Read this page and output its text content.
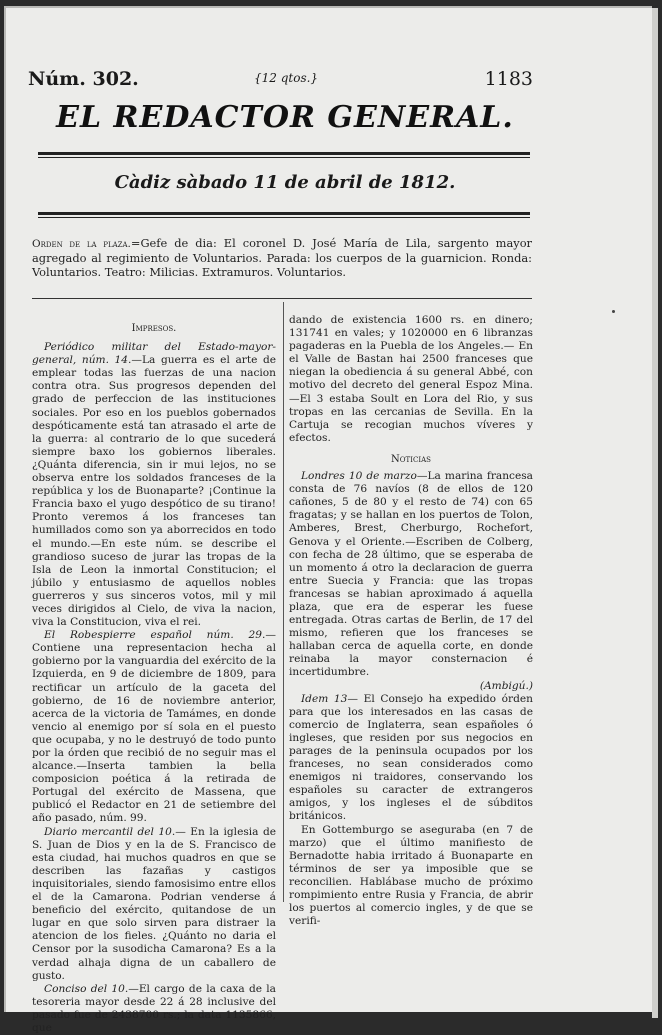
Núm. 302.	{12 qtos.}	1183
EL REDACTOR GENERAL.
Càdiz sàbado 11 de abril de 1812.
Orden de la plaza.=Gefe de dia: El coronel D. José María de Lila, sargento mayor agregado al regimiento de Voluntarios. Parada: los cuerpos de la guarnicion. Ronda: Voluntarios. Teatro: Milicias. Extramuros. Voluntarios.

Impresos.

Periódico militar del Estado-mayor-general, núm. 14.—La guerra es el arte de emplear todas las fuerzas de una nacion contra otra. Sus progresos dependen del grado de perfeccion de las instituciones sociales. Por eso en los pueblos gobernados despóticamente está tan atrasado el arte de la guerra: al contrario de lo que sucederá siempre baxo los gobiernos liberales. ¿Quánta diferencia, sin ir mui lejos, no se observa entre los soldados franceses de la república y los de Buonaparte? ¡Continue la Francia baxo el yugo despótico de su tirano! Pronto veremos á los franceses tan humillados como son ya aborrecidos en todo el mundo.—En este núm. se describe el grandioso suceso de jurar las tropas de la Isla de Leon la inmortal Constitucion; el júbilo y entusiasmo de aquellos nobles guerreros y sus sinceros votos, mil y mil veces dirigidos al Cielo, de viva la nacion, viva la Constitucion, viva el rei.

El Robespierre español núm. 29.— Contiene una representacion hecha al gobierno por la vanguardia del exército de la Izquierda, en 9 de diciembre de 1809, para rectificar un artículo de la gaceta del gobierno, de 16 de noviembre anterior, acerca de la victoria de Tamámes, en donde vencio al enemigo por sí sola en el puesto que ocupaba, y no le destruyó de todo punto por la órden que recibió de no seguir mas el alcance.—Inserta tambien la bella composicion poética á la retirada de Portugal del exército de Massena, que publicó el Redactor en 21 de setiembre del año pasado, núm. 99.

Diario mercantil del 10.— En la iglesia de S. Juan de Dios y en la de S. Francisco de esta ciudad, hai muchos quadros en que se describen las fazañas y castigos inquisitoriales, siendo famosisimo entre ellos el de la Camarona. Podrian venderse á beneficio del exército, quitandose de un lugar en que solo sirven para distraer la atencion de los fieles. ¿Quánto no daria el Censor por la susodicha Camarona? Es a la verdad alhaja digna de un caballero de gusto.

Conciso del 10.—El cargo de la caxa de la tesoreria mayor desde 22 á 28 inclusive del pasado fue de 2438700 rs.; la data 1135866, que

dando de existencia 1600 rs. en dinero; 131741 en vales; y 1020000 en 6 libranzas pagaderas en la Puebla de los Angeles.— En el Valle de Bastan hai 2500 franceses que niegan la obediencia á su general Abbé, con motivo del decreto del general Espoz Mina.—El 3 estaba Soult en Lora del Rio, y sus tropas en las cercanias de Sevilla. En la Cartuja se recogian muchos víveres y efectos.

Noticias

Londres 10 de marzo—La marina francesa consta de 76 navíos (8 de ellos de 120 cañones, 5 de 80 y el resto de 74) con 65 fragatas; y se hallan en los puertos de Tolon, Amberes, Brest, Cherburgo, Rochefort, Genova y el Oriente.—Escriben de Colberg, con fecha de 28 último, que se esperaba de un momento á otro la declaracion de guerra entre Suecia y Francia: que las tropas francesas se habian aproximado á aquella plaza, que era de esperar les fuese entregada. Otras cartas de Berlin, de 17 del mismo, refieren que los franceses se hallaban cerca de aquella corte, en donde reinaba la mayor consternacion é incertidumbre.

(Ambigú.)

Idem 13— El Consejo ha expedido órden para que los interesados en las casas de comercio de Inglaterra, sean españoles ó ingleses, que residen por sus negocios en parages de la peninsula ocupados por los franceses, no sean considerados como enemigos ni traidores, conservando los españoles su caracter de extrangeros amigos, y los ingleses el de súbditos británicos.

En Gottemburgo se aseguraba (en 7 de marzo) que el último manifiesto de Bernadotte habia irritado á Buonaparte en términos de ser ya imposible que se reconcilien. Hablábase mucho de próximo rompimiento entre Rusia y Francia, de abrir los puertos al comercio ingles, y de que se verifi-
